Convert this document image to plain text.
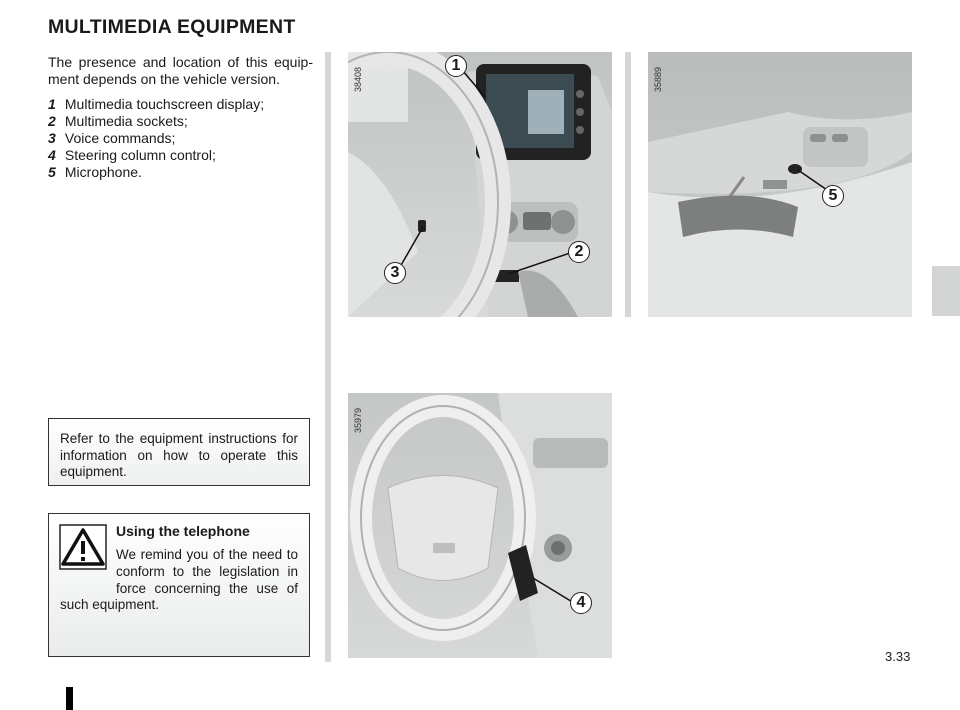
MULTIMEDIA EQUIPMENT

The presence and location of this equip-ment depends on the vehicle version.

1 Multimedia touchscreen display;
2 Multimedia sockets;
3 Voice commands;
4 Steering column control;
5 Microphone.

Refer to the equipment instructions for information on how to operate this equipment.

Using the telephone

We remind you of the need to conform to the legislation in force concerning the use of such equipment.

1
2
3
38408
5
35889
4
35979

3.33
